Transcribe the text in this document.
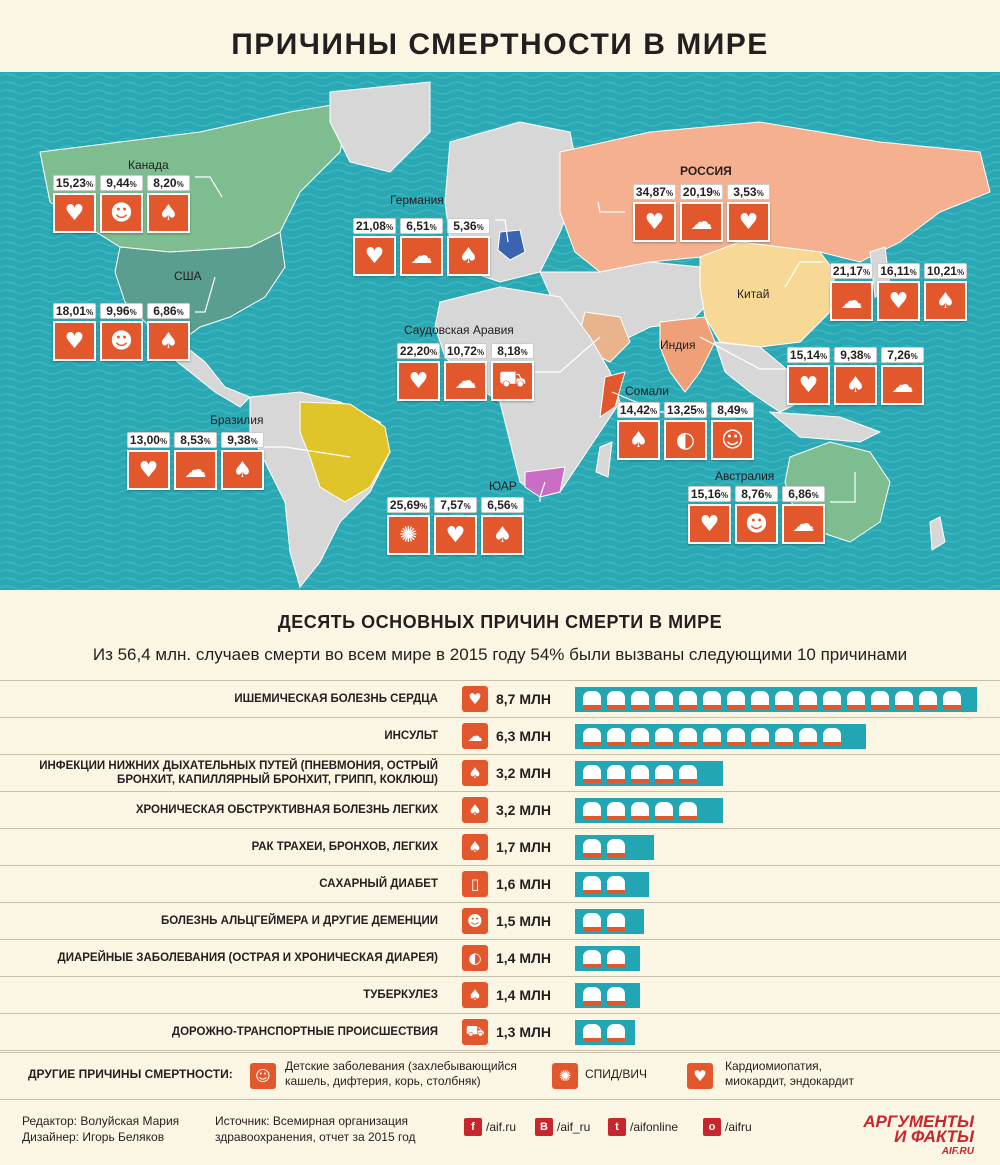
ПРИЧИНЫ СМЕРТНОСТИ В МИРЕ
Канада
США
Германия
РОССИЯ
Китай
Саудовская Аравия
Индия
Бразилия
Сомали
ЮАР
Австралия
15,23%
♥
9,44%
☻
8,20%
♠
18,01%
♥
9,96%
☻
6,86%
♠
21,08%
♥
6,51%
☁
5,36%
♠
34,87%
♥
20,19%
☁
3,53%
♥
21,17%
☁
16,11%
♥
10,21%
♠
22,20%
♥
10,72%
☁
8,18%
⛟
15,14%
♥
9,38%
♠
7,26%
☁
13,00%
♥
8,53%
☁
9,38%
♠
14,42%
♠
13,25%
◐
8,49%
☺
25,69%
✺
7,57%
♥
6,56%
♠
15,16%
♥
8,76%
☻
6,86%
☁
ДЕСЯТЬ ОСНОВНЫХ ПРИЧИН СМЕРТИ В МИРЕ
Из 56,4 млн. случаев смерти во всем мире в 2015 году 54% были вызваны следующими 10 причинами
ИШЕМИЧЕСКАЯ БОЛЕЗНЬ СЕРДЦА	♥	8,7 МЛН
ИНСУЛЬТ	☁ 6,3 МЛН
ИНФЕКЦИИ НИЖНИХ ДЫХАТЕЛЬНЫХ ПУТЕЙ (ПНЕВМОНИЯ, ОСТРЫЙ БРОНХИТ, КАПИЛЛЯРНЫЙ БРОНХИТ, ГРИПП, КОКЛЮШ)	♠	3,2 МЛН
ХРОНИЧЕСКАЯ ОБСТРУКТИВНАЯ БОЛЕЗНЬ ЛЕГКИХ	♠	3,2 МЛН
РАК ТРАХЕИ, БРОНХОВ, ЛЕГКИХ	♠	1,7 МЛН
САХАРНЫЙ ДИАБЕТ	▯	1,6 МЛН
БОЛЕЗНЬ АЛЬЦГЕЙМЕРА И ДРУГИЕ ДЕМЕНЦИИ	☻ 1,5 МЛН
ДИАРЕЙНЫЕ ЗАБОЛЕВАНИЯ (ОСТРАЯ И ХРОНИЧЕСКАЯ ДИАРЕЯ)	◐	1,4 МЛН
ТУБЕРКУЛЕЗ	♠	1,4 МЛН
ДОРОЖНО-ТРАНСПОРТНЫЕ ПРОИСШЕСТВИЯ ⛟ 1,3 МЛН
ДРУГИЕ ПРИЧИНЫ СМЕРТНОСТИ:	☺
Детские заболевания (захлебывающийся кашель, дифтерия, корь, столбняк)	✺	СПИД/ВИЧ	♥
Кардиомиопатия, миокардит, эндокардит
Редактор: Волуйская Мария
Дизайнер: Игорь Беляков
Источник: Всемирная организация
здравоохранения, отчет за 2015 год
f /aif.ru	В /aif_ru	t /aifonline	о /aifru	АРГУМЕНТЫ
И ФАКТЫ
AIF.RU
